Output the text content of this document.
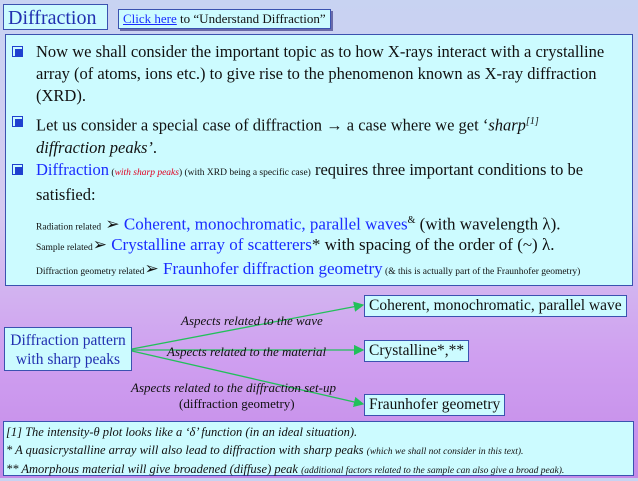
Diffraction	Click here to “Understand Diffraction”
Now we shall consider the important topic as to how X-rays interact with a crystalline array (of atoms, ions etc.) to give rise to the phenomenon known as X-ray diffraction (XRD).
Let us consider a special case of diffraction → a case where we get ‘sharp[1]
diffraction peaks’.
Diffraction (with sharp peaks) (with XRD being a specific case) requires three important conditions to be satisfied:
Radiation related ➢ Coherent, monochromatic, parallel waves& (with wavelength λ).
Sample related➢ Crystalline array of scatterers* with spacing of the order of (~) λ.
Diffraction geometry related➢ Fraunhofer diffraction geometry (& this is actually part of the Fraunhofer geometry)
Diffraction pattern
with sharp peaks
Aspects related to the wave
Aspects related to the material
Aspects related to the diffraction set-up
(diffraction geometry)
Coherent, monochromatic, parallel wave
Crystalline*,**
Fraunhofer geometry
[1] The intensity-θ plot looks like a ‘δ’ function (in an ideal situation).
* A quasicrystalline array will also lead to diffraction with sharp peaks (which we shall not consider in this text).
** Amorphous material will give broadened (diffuse) peak (additional factors related to the sample can also give a broad peak).
